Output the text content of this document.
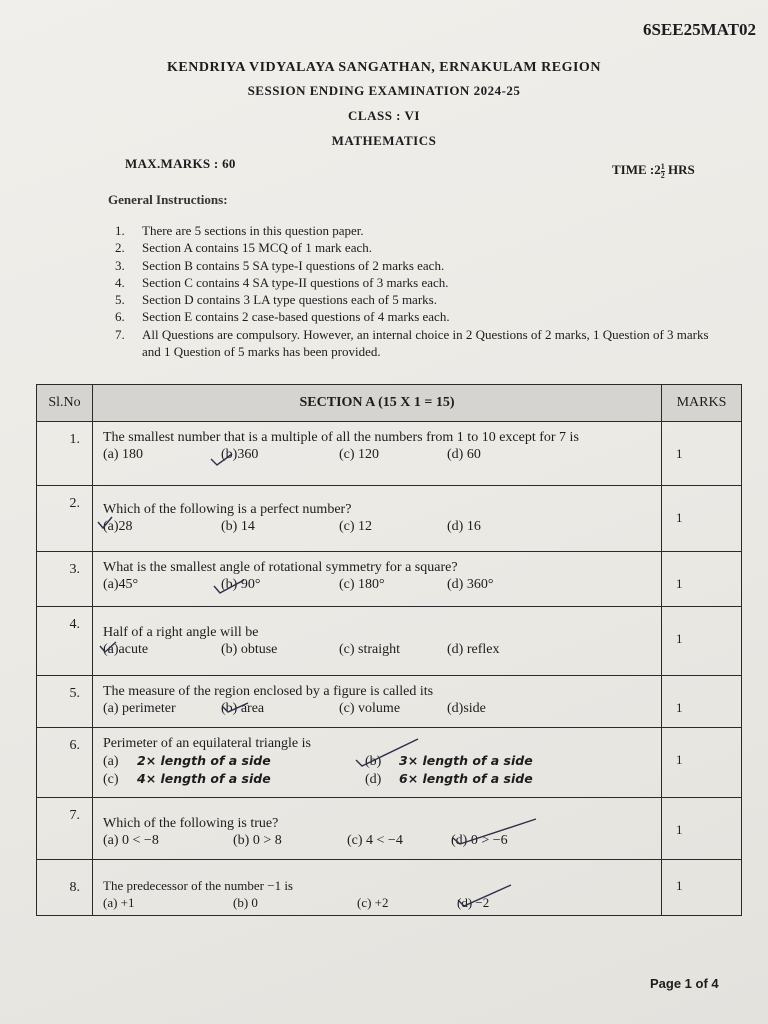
6SEE25MAT02
KENDRIYA VIDYALAYA SANGATHAN, ERNAKULAM REGION
SESSION ENDING EXAMINATION 2024-25
CLASS : VI
MATHEMATICS
MAX.MARKS : 60	TIME :2 $\frac{1}{2}$ HRS
General Instructions:
1. There are 5 sections in this question paper.
2. Section A contains 15 MCQ of 1 mark each.
3. Section B contains 5 SA type-I questions of 2 marks each.
4. Section C contains 4 SA type-II questions of 3 marks each.
5. Section D contains 3 LA type questions each of 5 marks.
6. Section E contains 2 case-based questions of 4 marks each.
7. All Questions are compulsory. However, an internal choice in 2 Questions of 2 marks, 1 Question of 3 marks and 1 Question of 5 marks has been provided.
Sl.No	SECTION A (15 X 1 = 15)	MARKS
1.	The smallest number that is a multiple of all the numbers from 1 to 10 except for 7 is
(a) 180 (b)360 (c) 120 (d) 60	1
2.	Which of the following is a perfect number?
(a)28 (b) 14 (c) 12 (d) 16	1
3.	What is the smallest angle of rotational symmetry for a square?
(a)45° (b) 90° (c) 180° (d) 360°	1
4.	Half of a right angle will be
(a)acute (b) obtuse (c) straight (d) reflex	1
5.	The measure of the region enclosed by a figure is called its
(a) perimeter (b) area (c) volume (d)side	1
6.	Perimeter of an equilateral triangle is
(a) 2× length of a side (b) 3× length of a side
(c) 4× length of a side (d) 6× length of a side	1
7.	Which of the following is true?
(a) 0 < −8 (b) 0 > 8 (c) 4 < −4 (d) 0 > −6	1
8.	The predecessor of the number −1 is
(a) +1 (b) 0 (c) +2 (d) −2	1
Page 1 of 4
